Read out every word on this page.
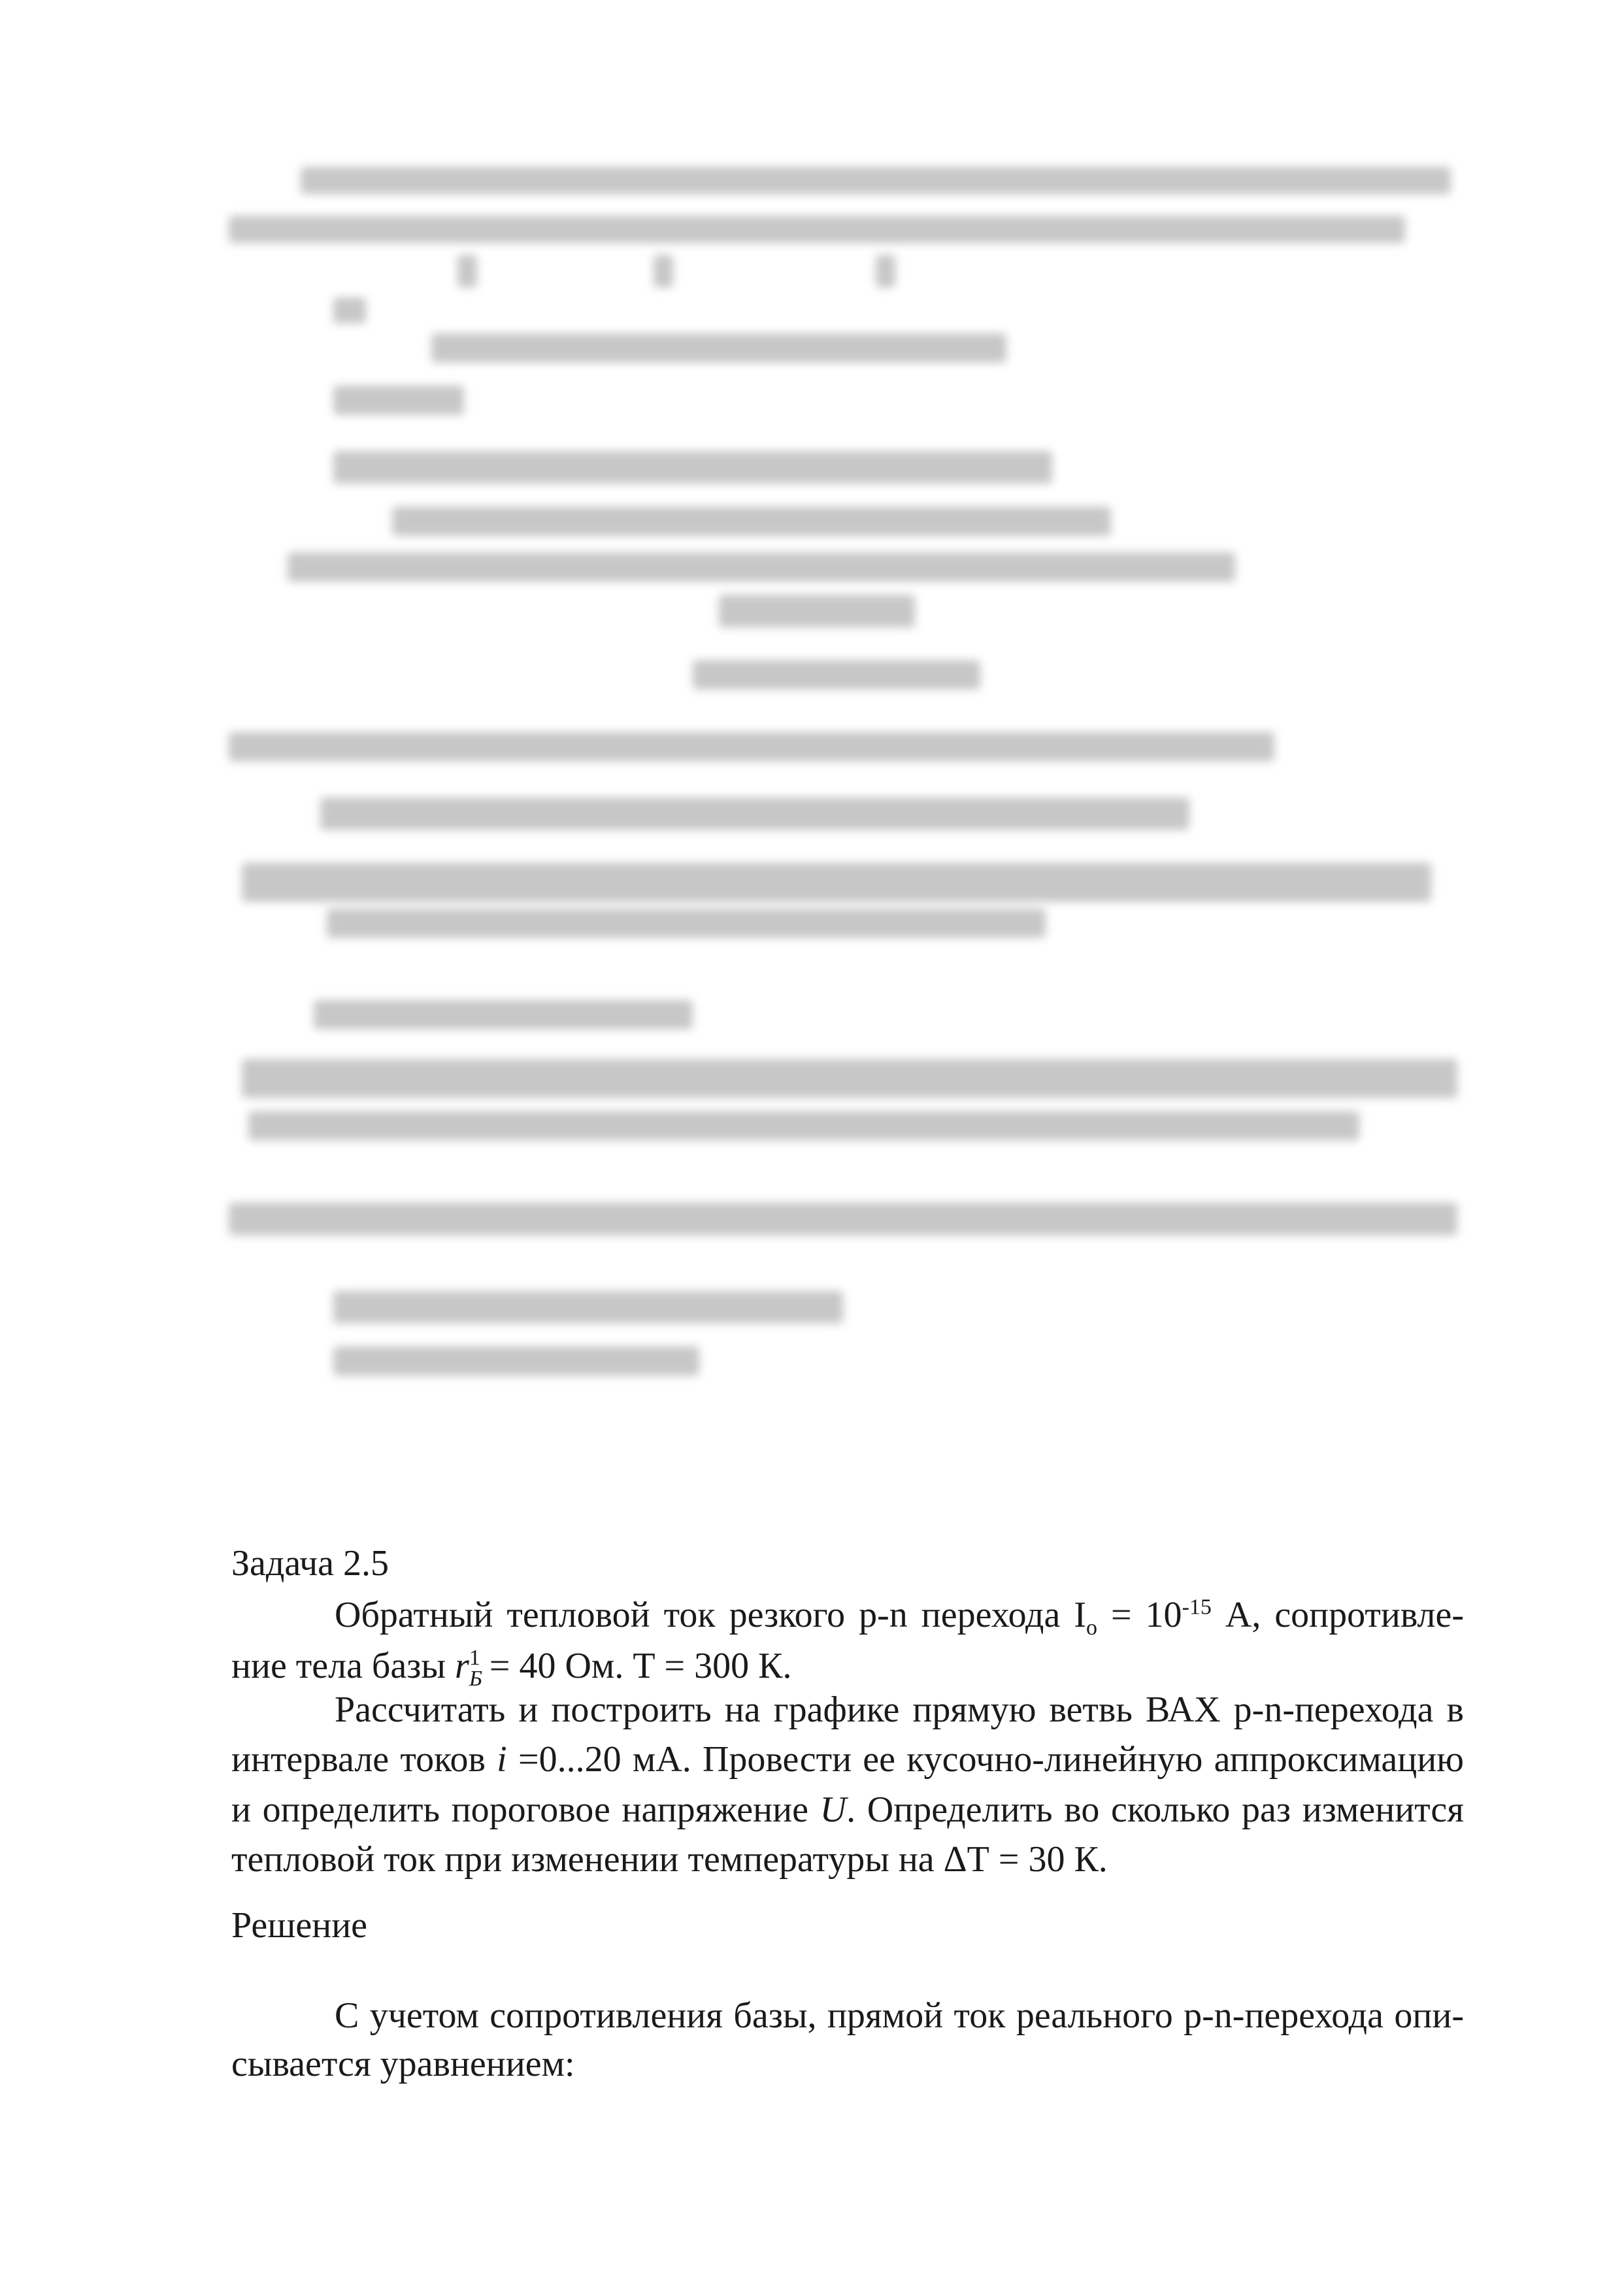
Задача 2.5
Обратный тепловой ток резкого p-n перехода $I_о = 10^{-15}$ А, сопротивле-
ние тела базы $r_Б^1 = 40$ Ом. Т = 300 К.
Рассчитать и построить на графике прямую ветвь ВАХ p-n-перехода в
интервале токов i =0...20 мА. Провести ее кусочно-линейную аппроксимацию
и определить пороговое напряжение U. Определить во сколько раз изменится
тепловой ток при изменении температуры на ΔТ = 30 К.
Решение
С учетом сопротивления базы, прямой ток реального p-n-перехода опи-
сывается уравнением:
